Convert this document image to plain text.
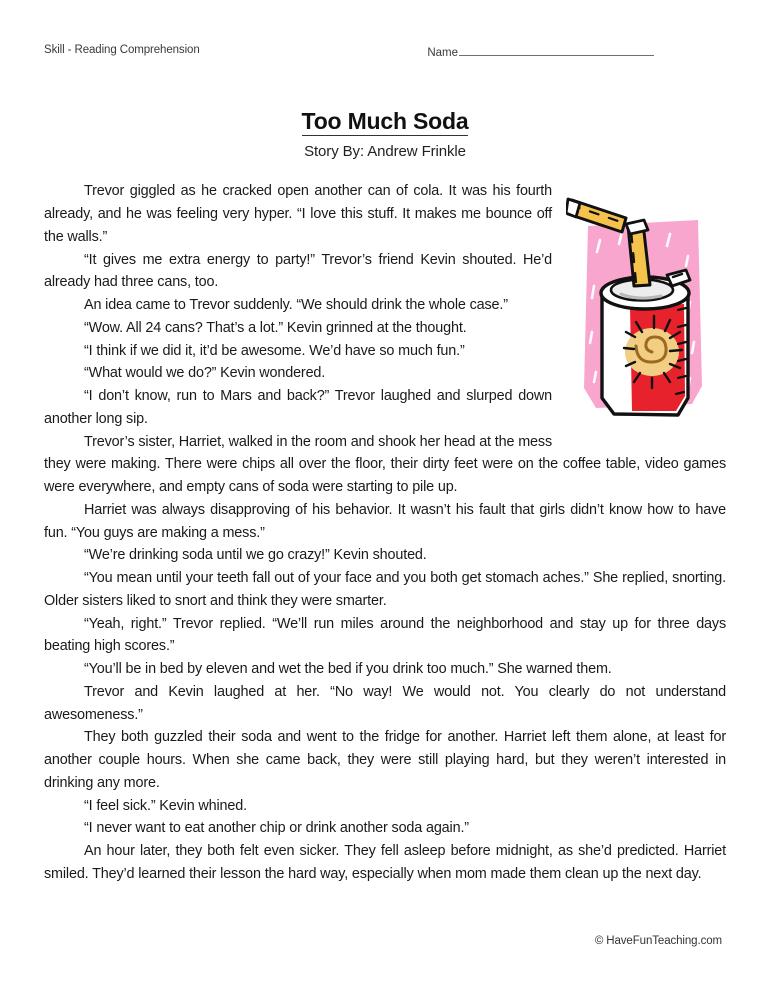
Skill - Reading Comprehension	Name
Too Much Soda
Story By: Andrew Frinkle

Trevor giggled as he cracked open another can of cola. It was his fourth already, and he was feeling very hyper. “I love this stuff. It makes me bounce off the walls.”

“It gives me extra energy to party!” Trevor’s friend Kevin shouted. He’d already had three cans, too.

An idea came to Trevor suddenly. “We should drink the whole case.”

“Wow. All 24 cans? That’s a lot.” Kevin grinned at the thought.

“I think if we did it, it’d be awesome. We’d have so much fun.”

“What would we do?” Kevin wondered.

“I don’t know, run to Mars and back?” Trevor laughed and slurped down another long sip.

Trevor’s sister, Harriet, walked in the room and shook her head at the mess they were making. There were chips all over the floor, their dirty feet were on the coffee table, video games were everywhere, and empty cans of soda were starting to pile up.

Harriet was always disapproving of his behavior. It wasn’t his fault that girls didn’t know how to have fun. “You guys are making a mess.”

“We’re drinking soda until we go crazy!” Kevin shouted.

“You mean until your teeth fall out of your face and you both get stomach aches.” She replied, snorting. Older sisters liked to snort and think they were smarter.

“Yeah, right.” Trevor replied. “We’ll run miles around the neighborhood and stay up for three days beating high scores.”

“You’ll be in bed by eleven and wet the bed if you drink too much.” She warned them.

Trevor and Kevin laughed at her. “No way! We would not. You clearly do not understand awesomeness.”

They both guzzled their soda and went to the fridge for another. Harriet left them alone, at least for another couple hours. When she came back, they were still playing hard, but they weren’t interested in drinking any more.

“I feel sick.” Kevin whined.

“I never want to eat another chip or drink another soda again.”

An hour later, they both felt even sicker. They fell asleep before midnight, as she’d predicted. Harriet smiled. They’d learned their lesson the hard way, especially when mom made them clean up the next day.

© HaveFunTeaching.com
